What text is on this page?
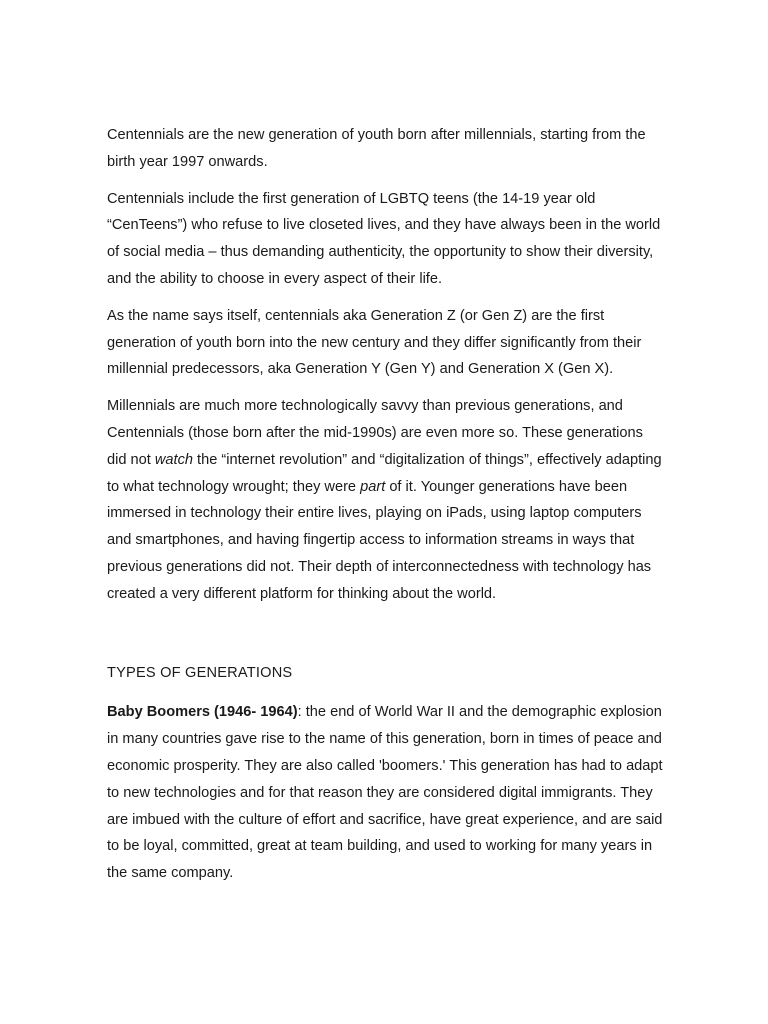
Centennials are the new generation of youth born after millennials, starting from the birth year 1997 onwards.

Centennials include the first generation of LGBTQ teens (the 14-19 year old “CenTeens”) who refuse to live closeted lives, and they have always been in the world of social media – thus demanding authenticity, the opportunity to show their diversity, and the ability to choose in every aspect of their life.

As the name says itself, centennials aka Generation Z (or Gen Z) are the first generation of youth born into the new century and they differ significantly from their millennial predecessors, aka Generation Y (Gen Y) and Generation X (Gen X).

Millennials are much more technologically savvy than previous generations, and Centennials (those born after the mid-1990s) are even more so. These generations did not watch the “internet revolution” and “digitalization of things”, effectively adapting to what technology wrought; they were part of it. Younger generations have been immersed in technology their entire lives, playing on iPads, using laptop computers and smartphones, and having fingertip access to information streams in ways that previous generations did not. Their depth of interconnectedness with technology has created a very different platform for thinking about the world.

TYPES OF GENERATIONS

Baby Boomers (1946- 1964): the end of World War II and the demographic explosion in many countries gave rise to the name of this generation, born in times of peace and economic prosperity. They are also called 'boomers.' This generation has had to adapt to new technologies and for that reason they are considered digital immigrants. They are imbued with the culture of effort and sacrifice, have great experience, and are said to be loyal, committed, great at team building, and used to working for many years in the same company.
